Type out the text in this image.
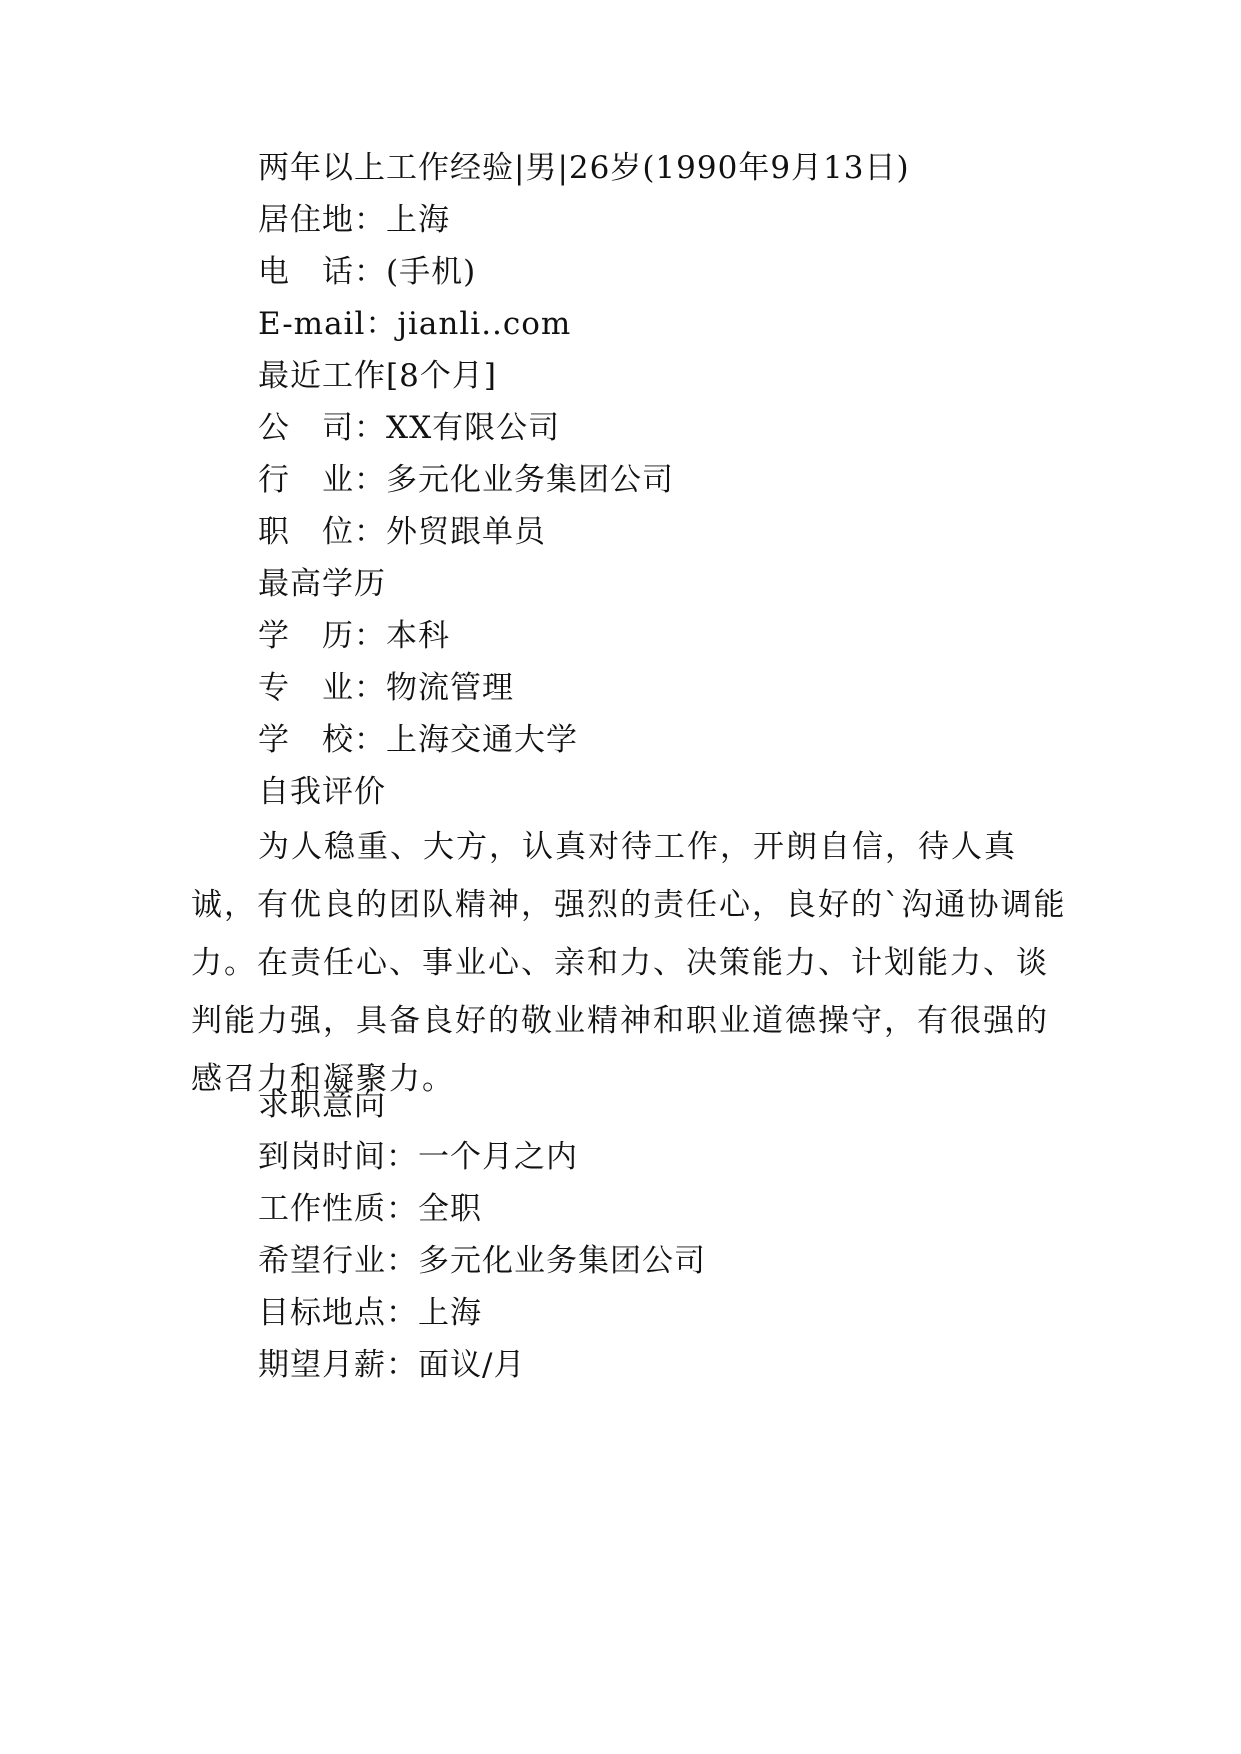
两年以上工作经验|男|26岁(1990年9月13日)
居住地：上海
电　话：(手机)
E-mail：jianli..com
最近工作[8个月]
公　司：XX有限公司
行　业：多元化业务集团公司
职　位：外贸跟单员
最高学历
学　历：本科
专　业：物流管理
学　校：上海交通大学
自我评价
为人稳重、大方，认真对待工作，开朗自信，待人真诚，有优良的团队精神，强烈的责任心，良好的`沟通协调能力。在责任心、事业心、亲和力、决策能力、计划能力、谈判能力强，具备良好的敬业精神和职业道德操守，有很强的感召力和凝聚力。
求职意向
到岗时间：一个月之内
工作性质：全职
希望行业：多元化业务集团公司
目标地点：上海
期望月薪：面议/月
